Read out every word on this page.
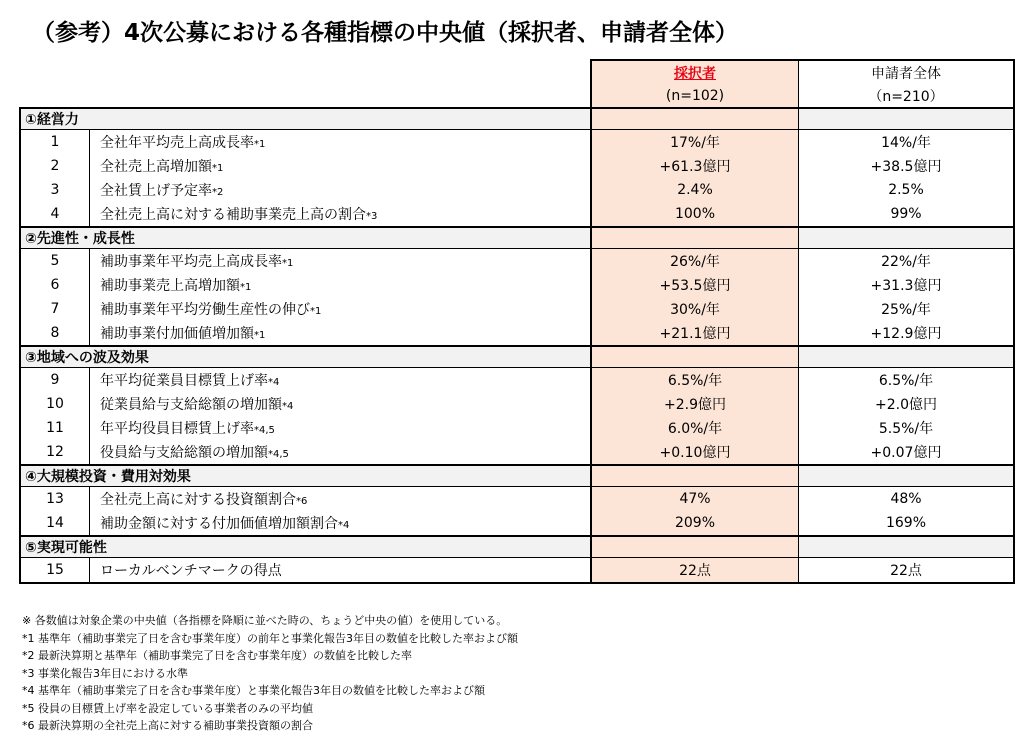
（参考）4次公募における各種指標の中央値（採択者、申請者全体）
		採択者	申請者全体
		(n=102)	（n=210）
①経営力			
1	全社年平均売上高成長率*1	17%/年	14%/年
2	全社売上高増加額*1	+61.3億円	+38.5億円
3	全社賃上げ予定率*2	2.4%	2.5%
4	全社売上高に対する補助事業売上高の割合*3	100%	99%
②先進性・成長性			
5	補助事業年平均売上高成長率*1	26%/年	22%/年
6	補助事業売上高増加額*1	+53.5億円	+31.3億円
7	補助事業年平均労働生産性の伸び*1	30%/年	25%/年
8	補助事業付加価値増加額*1	+21.1億円	+12.9億円
③地域への波及効果			
9	年平均従業員目標賃上げ率*4	6.5%/年	6.5%/年
10	従業員給与支給総額の増加額*4	+2.9億円	+2.0億円
11	年平均役員目標賃上げ率*4,5	6.0%/年	5.5%/年
12	役員給与支給総額の増加額*4,5	+0.10億円	+0.07億円
④大規模投資・費用対効果			
13	全社売上高に対する投資額割合*6	47%	48%
14	補助金額に対する付加価値増加額割合*4	209%	169%
⑤実現可能性			
15	ローカルベンチマークの得点	22点	22点
※ 各数値は対象企業の中央値（各指標を降順に並べた時の、ちょうど中央の値）を使用している。
*1 基準年（補助事業完了日を含む事業年度）の前年と事業化報告3年目の数値を比較した率および額
*2 最新決算期と基準年（補助事業完了日を含む事業年度）の数値を比較した率
*3 事業化報告3年目における水準
*4 基準年（補助事業完了日を含む事業年度）と事業化報告3年目の数値を比較した率および額
*5 役員の目標賃上げ率を設定している事業者のみの平均値
*6 最新決算期の全社売上高に対する補助事業投資額の割合
